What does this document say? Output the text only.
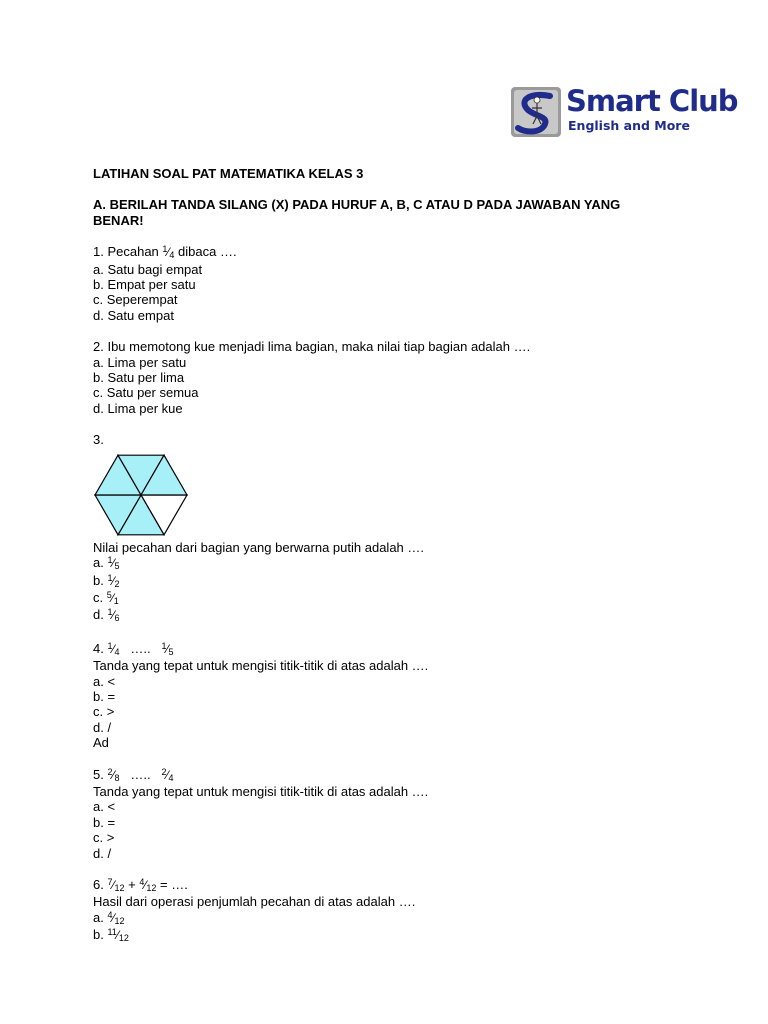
Smart Club
English and More

LATIHAN SOAL PAT MATEMATIKA KELAS 3

A. BERILAH TANDA SILANG (X) PADA HURUF A, B, C ATAU D PADA JAWABAN YANG BENAR!

1. Pecahan $^1⁄_4$ dibaca ….
a. Satu bagi empat
b. Empat per satu
c. Seperempat
d. Satu empat
2. Ibu memotong kue menjadi lima bagian, maka nilai tiap bagian adalah ….
a. Lima per satu
b. Satu per lima
c. Satu per semua
d. Lima per kue
3.
Nilai pecahan dari bagian yang berwarna putih adalah ….
a. $^1⁄_5$
b. $^1⁄_2$
c. $^5⁄_1$
d. $^1⁄_6$
4. $^1⁄_4$ ….. $^1⁄_5$
Tanda yang tepat untuk mengisi titik-titik di atas adalah ….
a. <
b. =
c. >
d. /
Ad
5. $^2⁄_8$ ….. $^2⁄_4$
Tanda yang tepat untuk mengisi titik-titik di atas adalah ….
a. <
b. =
c. >
d. /
6. $^7⁄_{12}$ + $^4⁄_{12}$ = ….
Hasil dari operasi penjumlah pecahan di atas adalah ….
a. $^4⁄_{12}$
b. $^{11}⁄_{12}$
